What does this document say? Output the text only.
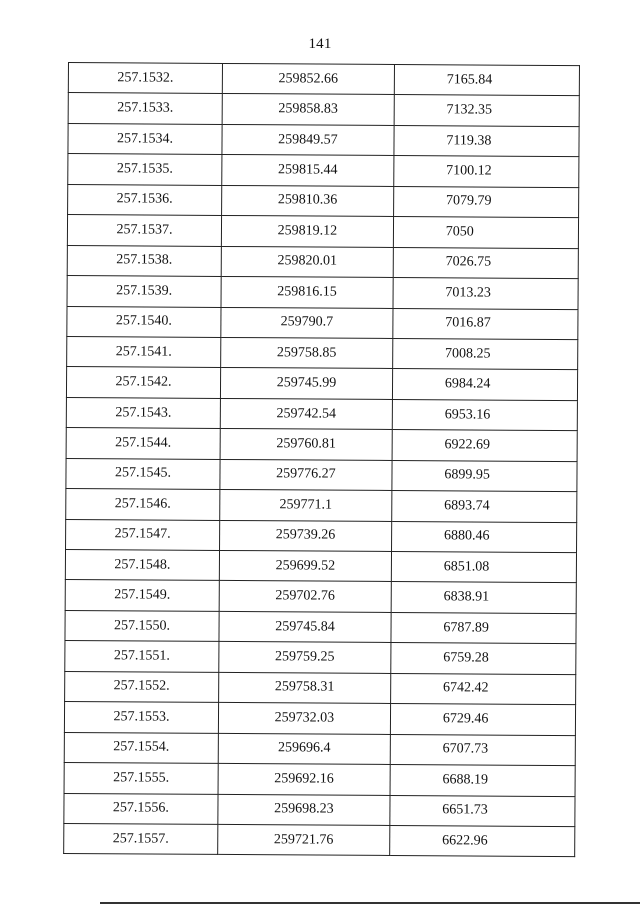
141
257.1532.	259852.66	7165.84
257.1533.	259858.83	7132.35
257.1534.	259849.57	7119.38
257.1535.	259815.44	7100.12
257.1536.	259810.36	7079.79
257.1537.	259819.12	7050
257.1538.	259820.01	7026.75
257.1539.	259816.15	7013.23
257.1540.	259790.7	7016.87
257.1541.	259758.85	7008.25
257.1542.	259745.99	6984.24
257.1543.	259742.54	6953.16
257.1544.	259760.81	6922.69
257.1545.	259776.27	6899.95
257.1546.	259771.1	6893.74
257.1547.	259739.26	6880.46
257.1548.	259699.52	6851.08
257.1549.	259702.76	6838.91
257.1550.	259745.84	6787.89
257.1551.	259759.25	6759.28
257.1552.	259758.31	6742.42
257.1553.	259732.03	6729.46
257.1554.	259696.4	6707.73
257.1555.	259692.16	6688.19
257.1556.	259698.23	6651.73
257.1557.	259721.76	6622.96
